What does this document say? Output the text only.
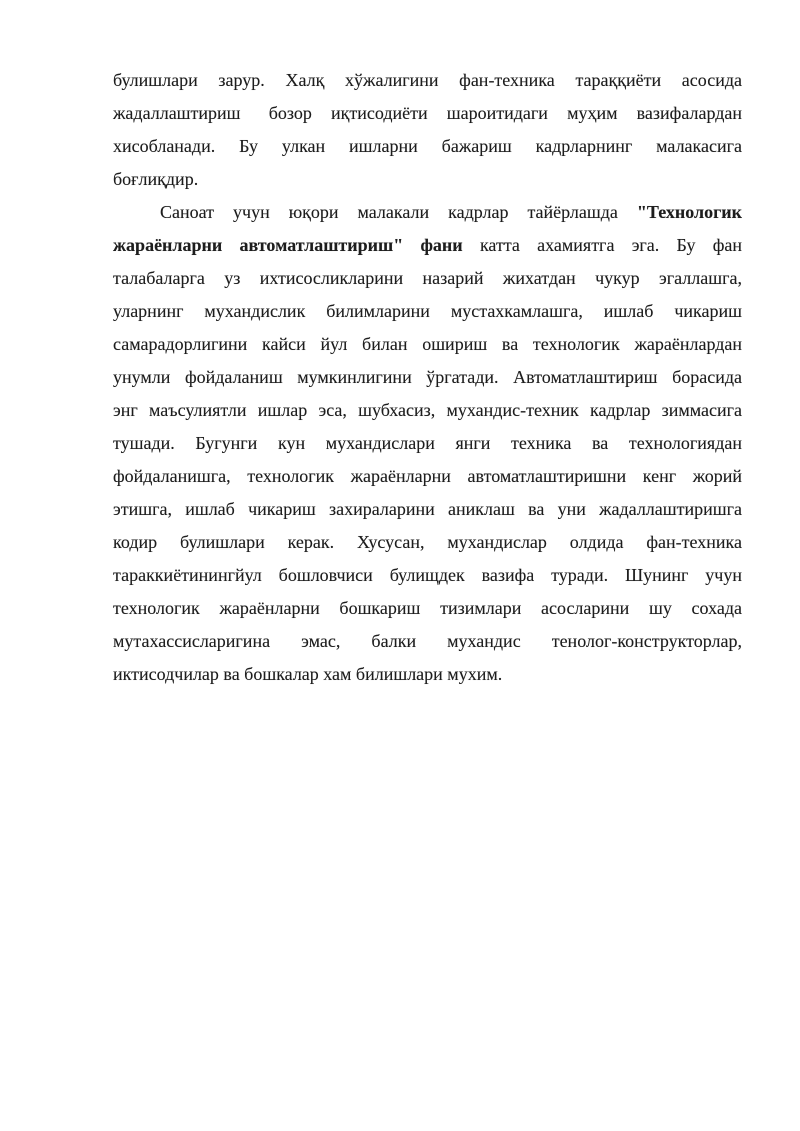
булишлари зарур. Халқ хўжалигини фан-техника тараққиёти асосида
жадаллаштириш  бозор иқтисодиёти шароитидаги муҳим вазифалардан
хисобланади. Бу улкан ишларни бажариш кадрларнинг малакасига
боғлиқдир.
Саноат учун юқори малакали кадрлар тайёрлашда "Технологик
жараёнларни автоматлаштириш" фани катта ахамиятга эга. Бу фан
талабаларга уз ихтисосликларини назарий жихатдан чукур эгаллашга,
уларнинг мухандислик билимларини мустахкамлашга, ишлаб чикариш
самарадорлигини кайси йул билан ошириш ва технологик жараёнлардан
унумли фойдаланиш мумкинлигини ўргатади. Автоматлаштириш борасида
энг маъсулиятли ишлар эса, шубхасиз, мухандис-техник кадрлар зиммасига
тушади. Бугунги кун мухандислари янги техника ва технологиядан
фойдаланишга, технологик жараёнларни автоматлаштиришни кенг жорий
этишга, ишлаб чикариш захираларини аниклаш ва уни жадаллаштиришга
кодир булишлари керак. Хусусан, мухандислар олдида фан-техника
тараккиётинингйул бошловчиси булищдек вазифа туради. Шунинг учун
технологик жараёнларни бошкариш тизимлари асосларини шу сохада
мутахассисларигина эмас, балки мухандис тенолог-конструкторлар,
иктисодчилар ва бошкалар хам билишлари мухим.
